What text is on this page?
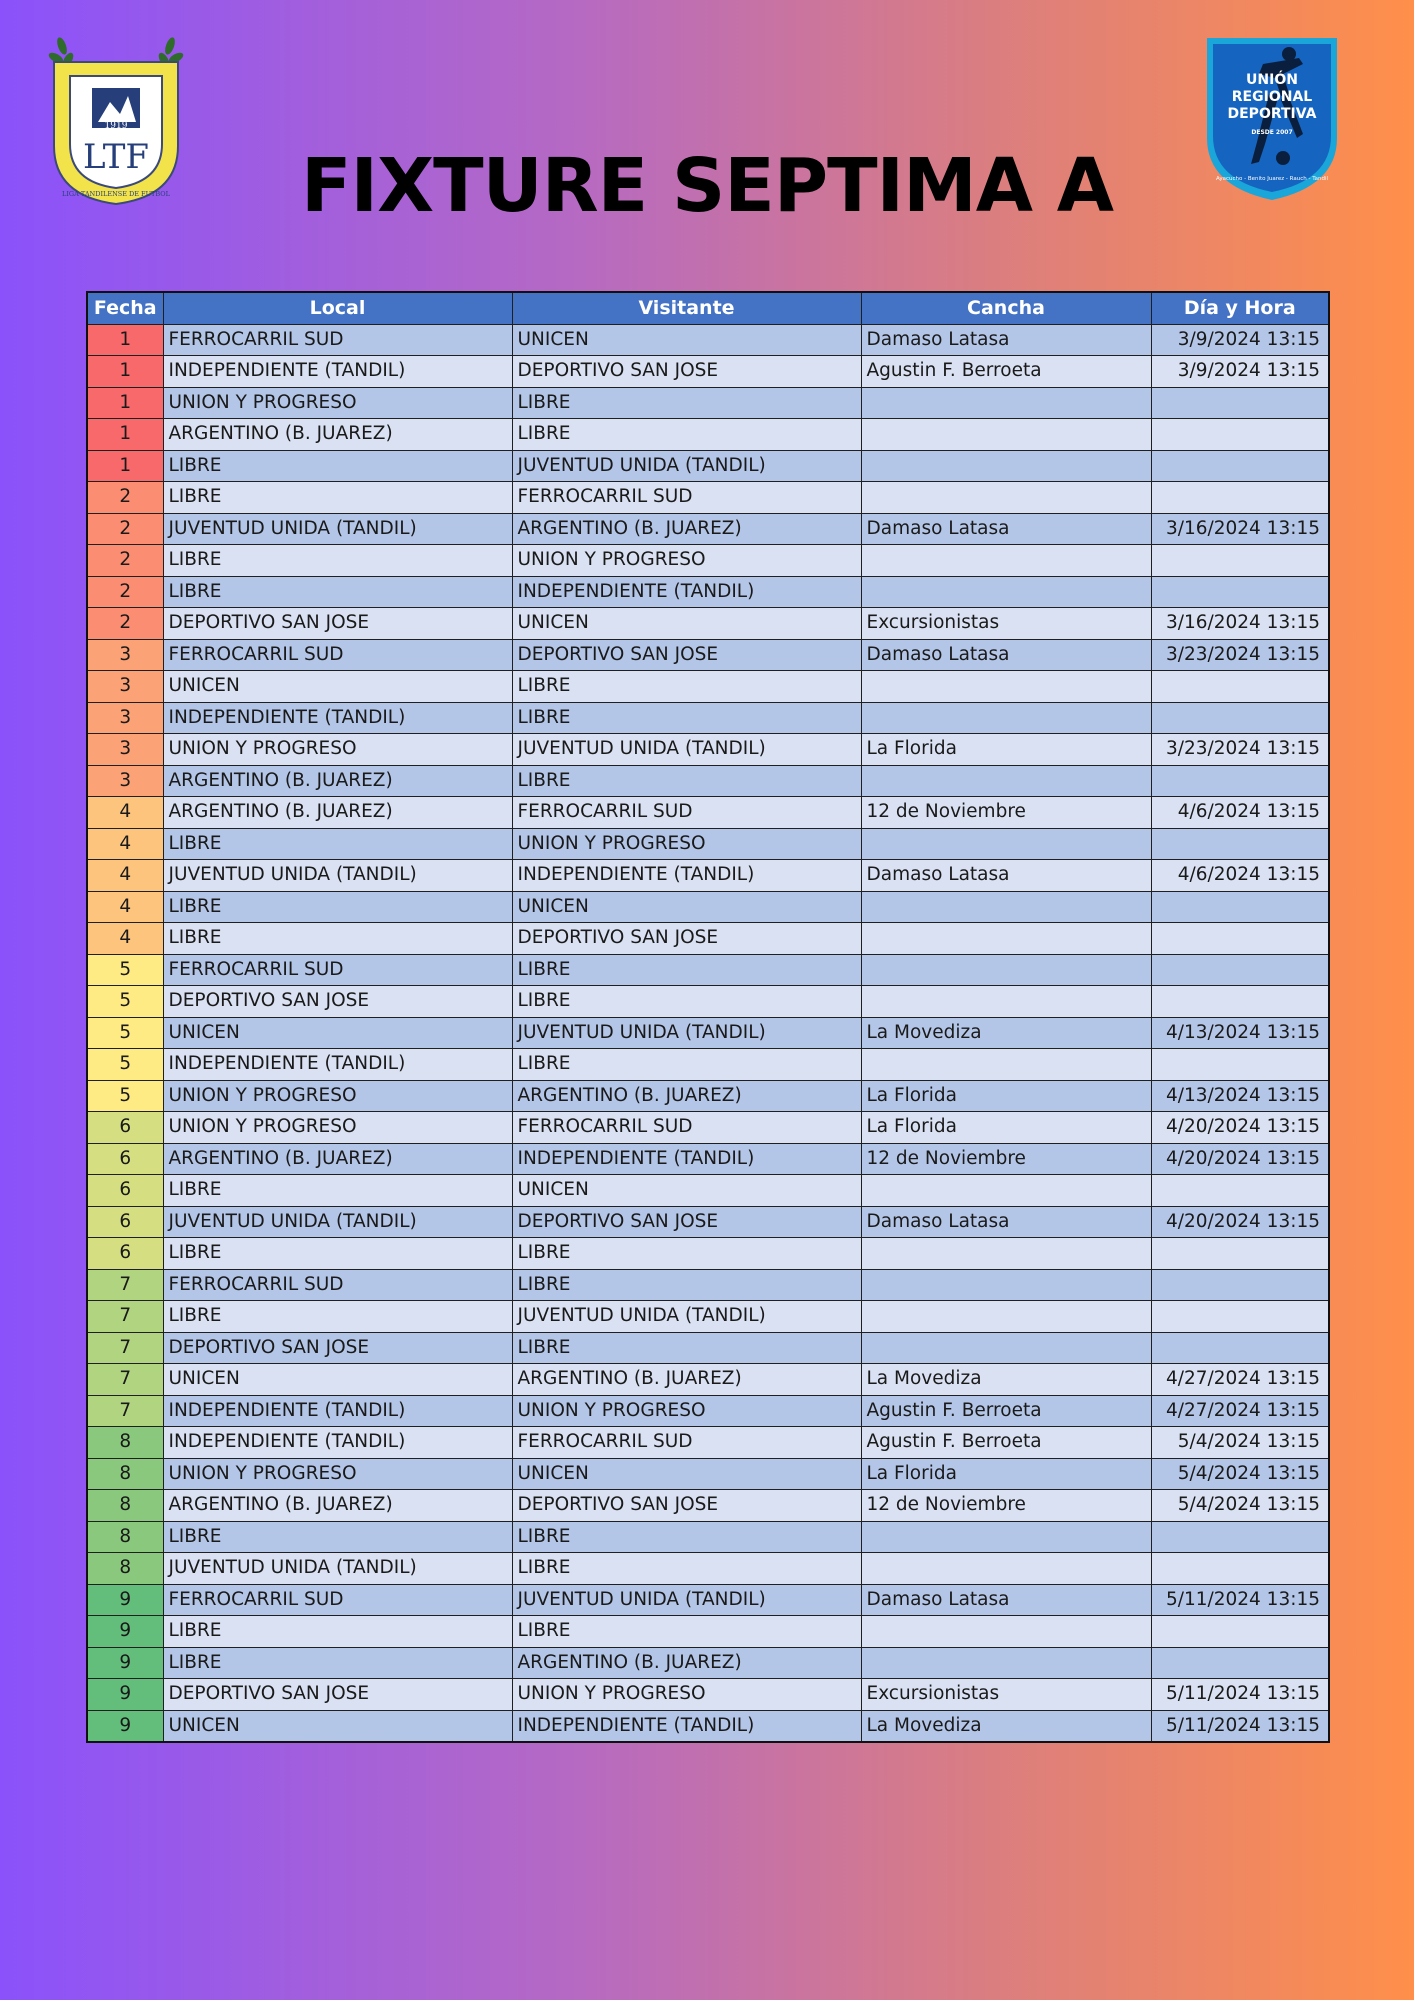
1919
LTF
LIGA TANDILENSE DE FUTBOL
UNIÓN
REGIONAL
DEPORTIVA
DESDE 2007
Ayacucho - Benito Juarez - Rauch - Tandil
FIXTURE SEPTIMA A
Fecha	Local	Visitante	Cancha	Día y Hora
1	FERROCARRIL SUD	UNICEN	Damaso Latasa	3/9/2024 13:15
1	INDEPENDIENTE (TANDIL)	DEPORTIVO SAN JOSE	Agustin F. Berroeta	3/9/2024 13:15
1	UNION Y PROGRESO	LIBRE		
1	ARGENTINO (B. JUAREZ)	LIBRE		
1	LIBRE	JUVENTUD UNIDA (TANDIL)		
2	LIBRE	FERROCARRIL SUD		
2	JUVENTUD UNIDA (TANDIL)	ARGENTINO (B. JUAREZ)	Damaso Latasa	3/16/2024 13:15
2	LIBRE	UNION Y PROGRESO		
2	LIBRE	INDEPENDIENTE (TANDIL)		
2	DEPORTIVO SAN JOSE	UNICEN	Excursionistas	3/16/2024 13:15
3	FERROCARRIL SUD	DEPORTIVO SAN JOSE	Damaso Latasa	3/23/2024 13:15
3	UNICEN	LIBRE		
3	INDEPENDIENTE (TANDIL)	LIBRE		
3	UNION Y PROGRESO	JUVENTUD UNIDA (TANDIL)	La Florida	3/23/2024 13:15
3	ARGENTINO (B. JUAREZ)	LIBRE		
4	ARGENTINO (B. JUAREZ)	FERROCARRIL SUD	12 de Noviembre	4/6/2024 13:15
4	LIBRE	UNION Y PROGRESO		
4	JUVENTUD UNIDA (TANDIL)	INDEPENDIENTE (TANDIL)	Damaso Latasa	4/6/2024 13:15
4	LIBRE	UNICEN		
4	LIBRE	DEPORTIVO SAN JOSE		
5	FERROCARRIL SUD	LIBRE		
5	DEPORTIVO SAN JOSE	LIBRE		
5	UNICEN	JUVENTUD UNIDA (TANDIL)	La Movediza	4/13/2024 13:15
5	INDEPENDIENTE (TANDIL)	LIBRE		
5	UNION Y PROGRESO	ARGENTINO (B. JUAREZ)	La Florida	4/13/2024 13:15
6	UNION Y PROGRESO	FERROCARRIL SUD	La Florida	4/20/2024 13:15
6	ARGENTINO (B. JUAREZ)	INDEPENDIENTE (TANDIL)	12 de Noviembre	4/20/2024 13:15
6	LIBRE	UNICEN		
6	JUVENTUD UNIDA (TANDIL)	DEPORTIVO SAN JOSE	Damaso Latasa	4/20/2024 13:15
6	LIBRE	LIBRE		
7	FERROCARRIL SUD	LIBRE		
7	LIBRE	JUVENTUD UNIDA (TANDIL)		
7	DEPORTIVO SAN JOSE	LIBRE		
7	UNICEN	ARGENTINO (B. JUAREZ)	La Movediza	4/27/2024 13:15
7	INDEPENDIENTE (TANDIL)	UNION Y PROGRESO	Agustin F. Berroeta	4/27/2024 13:15
8	INDEPENDIENTE (TANDIL)	FERROCARRIL SUD	Agustin F. Berroeta	5/4/2024 13:15
8	UNION Y PROGRESO	UNICEN	La Florida	5/4/2024 13:15
8	ARGENTINO (B. JUAREZ)	DEPORTIVO SAN JOSE	12 de Noviembre	5/4/2024 13:15
8	LIBRE	LIBRE		
8	JUVENTUD UNIDA (TANDIL)	LIBRE		
9	FERROCARRIL SUD	JUVENTUD UNIDA (TANDIL)	Damaso Latasa	5/11/2024 13:15
9	LIBRE	LIBRE		
9	LIBRE	ARGENTINO (B. JUAREZ)		
9	DEPORTIVO SAN JOSE	UNION Y PROGRESO	Excursionistas	5/11/2024 13:15
9	UNICEN	INDEPENDIENTE (TANDIL)	La Movediza	5/11/2024 13:15
